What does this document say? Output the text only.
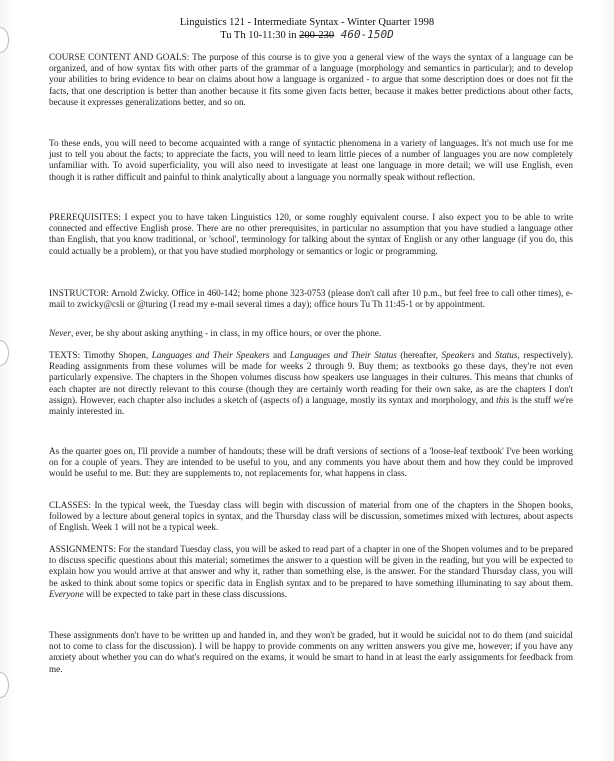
Linguistics 121 - Intermediate Syntax - Winter Quarter 1998
Tu Th 10-11:30 in 200-230 460-150D

COURSE CONTENT AND GOALS: The purpose of this course is to give you a general view of the ways the syntax of a language can be organized, and of how syntax fits with other parts of the grammar of a language (morphology and semantics in particular); and to develop your abilities to bring evidence to bear on claims about how a language is organized - to argue that some description does or does not fit the facts, that one description is better than another because it fits some given facts better, because it makes better predictions about other facts, because it expresses generalizations better, and so on.

To these ends, you will need to become acquainted with a range of syntactic phenomena in a variety of languages. It's not much use for me just to tell you about the facts; to appreciate the facts, you will need to learn little pieces of a number of languages you are now completely unfamiliar with. To avoid superficiality, you will also need to investigate at least one language in more detail; we will use English, even though it is rather difficult and painful to think analytically about a language you normally speak without reflection.

PREREQUISITES: I expect you to have taken Linguistics 120, or some roughly equivalent course. I also expect you to be able to write connected and effective English prose. There are no other prerequisites, in particular no assumption that you have studied a language other than English, that you know traditional, or 'school', terminology for talking about the syntax of English or any other language (if you do, this could actually be a problem), or that you have studied morphology or semantics or logic or programming.

INSTRUCTOR: Arnold Zwicky. Office in 460-142; home phone 323-0753 (please don't call after 10 p.m., but feel free to call other times), e-mail to zwicky@csli or @turing (I read my e-mail several times a day); office hours Tu Th 11:45-1 or by appointment.

Never, ever, be shy about asking anything - in class, in my office hours, or over the phone.

TEXTS: Timothy Shopen, Languages and Their Speakers and Languages and Their Status (hereafter, Speakers and Status, respectively). Reading assignments from these volumes will be made for weeks 2 through 9. Buy them; as textbooks go these days, they're not even particularly expensive. The chapters in the Shopen volumes discuss how speakers use languages in their cultures. This means that chunks of each chapter are not directly relevant to this course (though they are certainly worth reading for their own sake, as are the chapters I don't assign). However, each chapter also includes a sketch of (aspects of) a language, mostly its syntax and morphology, and this is the stuff we're mainly interested in.

As the quarter goes on, I'll provide a number of handouts; these will be draft versions of sections of a 'loose-leaf textbook' I've been working on for a couple of years. They are intended to be useful to you, and any comments you have about them and how they could be improved would be useful to me. But: they are supplements to, not replacements for, what happens in class.

CLASSES: In the typical week, the Tuesday class will begin with discussion of material from one of the chapters in the Shopen books, followed by a lecture about general topics in syntax, and the Thursday class will be discussion, sometimes mixed with lectures, about aspects of English. Week 1 will not be a typical week.

ASSIGNMENTS: For the standard Tuesday class, you will be asked to read part of a chapter in one of the Shopen volumes and to be prepared to discuss specific questions about this material; sometimes the answer to a question will be given in the reading, but you will be expected to explain how you would arrive at that answer and why it, rather than something else, is the answer. For the standard Thursday class, you will be asked to think about some topics or specific data in English syntax and to be prepared to have something illuminating to say about them. Everyone will be expected to take part in these class discussions.

These assignments don't have to be written up and handed in, and they won't be graded, but it would be suicidal not to do them (and suicidal not to come to class for the discussion). I will be happy to provide comments on any written answers you give me, however; if you have any anxiety about whether you can do what's required on the exams, it would be smart to hand in at least the early assignments for feedback from me.
